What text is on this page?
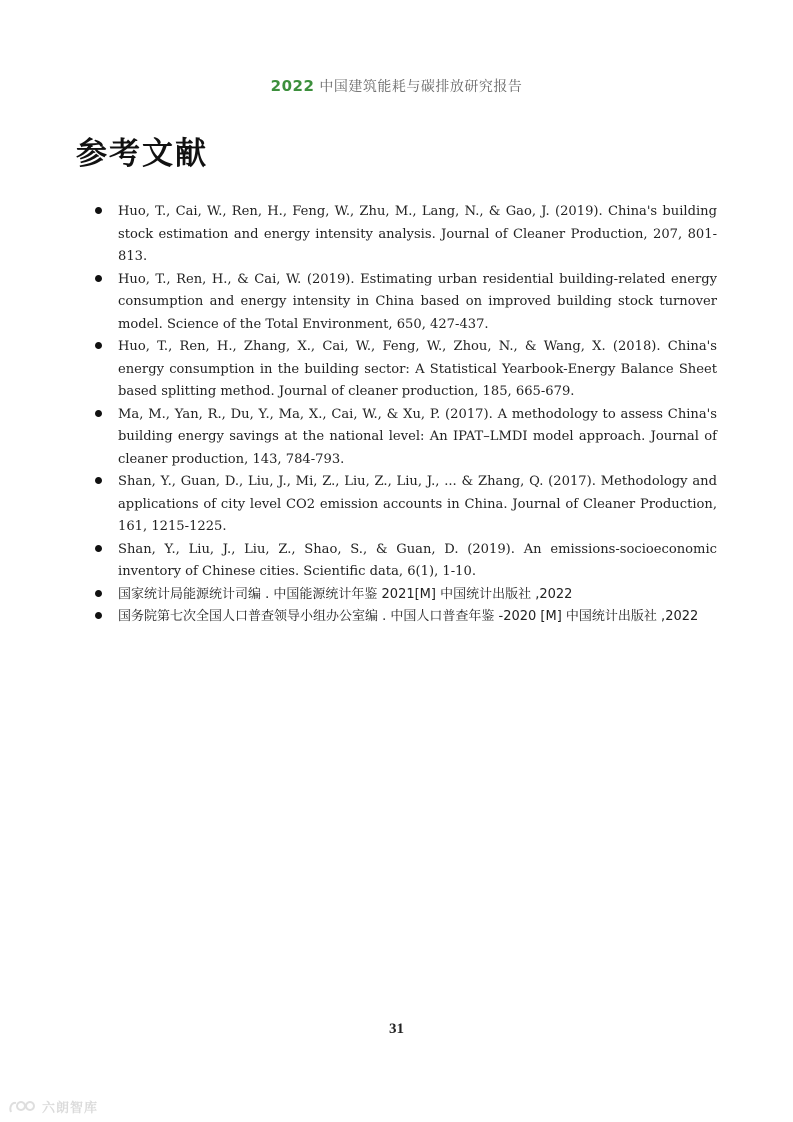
2022 中国建筑能耗与碳排放研究报告
参考文献
Huo, T., Cai, W., Ren, H., Feng, W., Zhu, M., Lang, N., & Gao, J. (2019). China's building stock estimation and energy intensity analysis. Journal of Cleaner Production, 207, 801-813.
Huo, T., Ren, H., & Cai, W. (2019). Estimating urban residential building-related energy consumption and energy intensity in China based on improved building stock turnover model. Science of the Total Environment, 650, 427-437.
Huo, T., Ren, H., Zhang, X., Cai, W., Feng, W., Zhou, N., & Wang, X. (2018). China's energy consumption in the building sector: A Statistical Yearbook-Energy Balance Sheet based splitting method. Journal of cleaner production, 185, 665-679.
Ma, M., Yan, R., Du, Y., Ma, X., Cai, W., & Xu, P. (2017). A methodology to assess China's building energy savings at the national level: An IPAT–LMDI model approach. Journal of cleaner production, 143, 784-793.
Shan, Y., Guan, D., Liu, J., Mi, Z., Liu, Z., Liu, J., ... & Zhang, Q. (2017). Methodology and applications of city level CO2 emission accounts in China. Journal of Cleaner Production, 161, 1215-1225.
Shan, Y., Liu, J., Liu, Z., Shao, S., & Guan, D. (2019). An emissions-socioeconomic inventory of Chinese cities. Scientific data, 6(1), 1-10.
国家统计局能源统计司编 . 中国能源统计年鉴 2021[M] 中国统计出版社 ,2022
国务院第七次全国人口普查领导小组办公室编 . 中国人口普查年鉴 -2020 [M] 中国统计出版社 ,2022
31
六朗智库
